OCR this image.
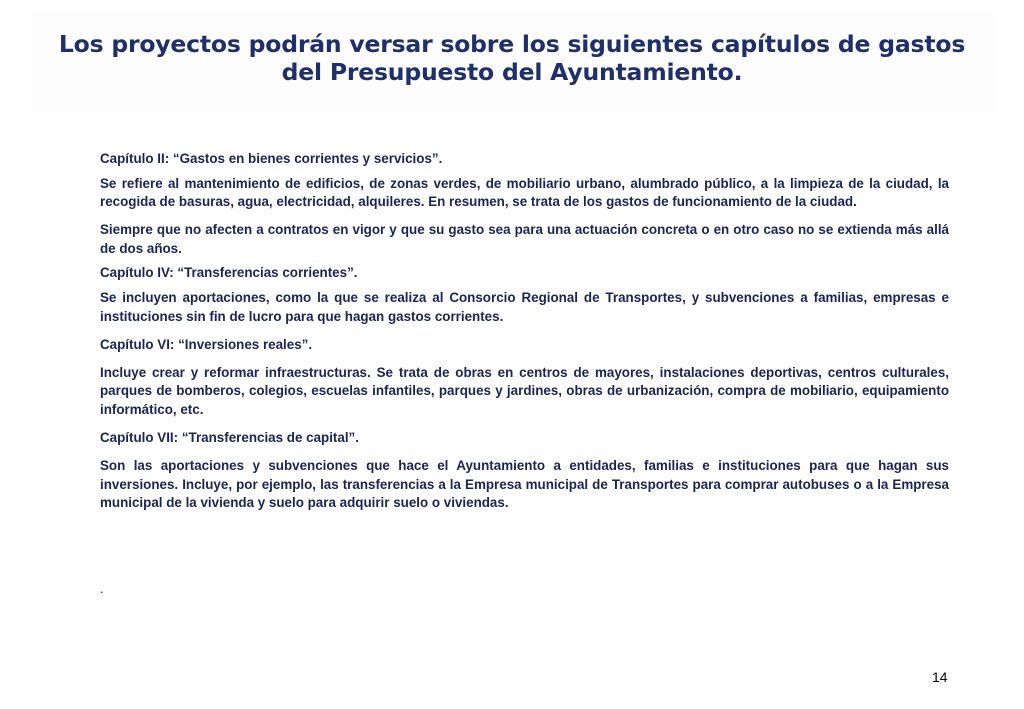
Los proyectos podrán versar sobre los siguientes capítulos de gastos del Presupuesto del Ayuntamiento.

Capítulo II: “Gastos en bienes corrientes y servicios”.

Se refiere al mantenimiento de edificios, de zonas verdes, de mobiliario urbano, alumbrado público, a la limpieza de la ciudad, la recogida de basuras, agua, electricidad, alquileres. En resumen, se trata de los gastos de funcionamiento de la ciudad.

Siempre que no afecten a contratos en vigor y que su gasto sea para una actuación concreta o en otro caso no se extienda más allá de dos años.

Capítulo IV: “Transferencias corrientes”.

Se incluyen aportaciones, como la que se realiza al Consorcio Regional de Transportes, y subvenciones a familias, empresas e instituciones sin fin de lucro para que hagan gastos corrientes.

Capítulo VI: “Inversiones reales”.

Incluye crear y reformar infraestructuras. Se trata de obras en centros de mayores, instalaciones deportivas, centros culturales, parques de bomberos, colegios, escuelas infantiles, parques y jardines, obras de urbanización, compra de mobiliario, equipamiento informático, etc.

Capítulo VII: “Transferencias de capital”.

Son las aportaciones y subvenciones que hace el Ayuntamiento a entidades, familias e instituciones para que hagan sus inversiones. Incluye, por ejemplo, las transferencias a la Empresa municipal de Transportes para comprar autobuses o a la Empresa municipal de la vivienda y suelo para adquirir suelo o viviendas.

.
14
